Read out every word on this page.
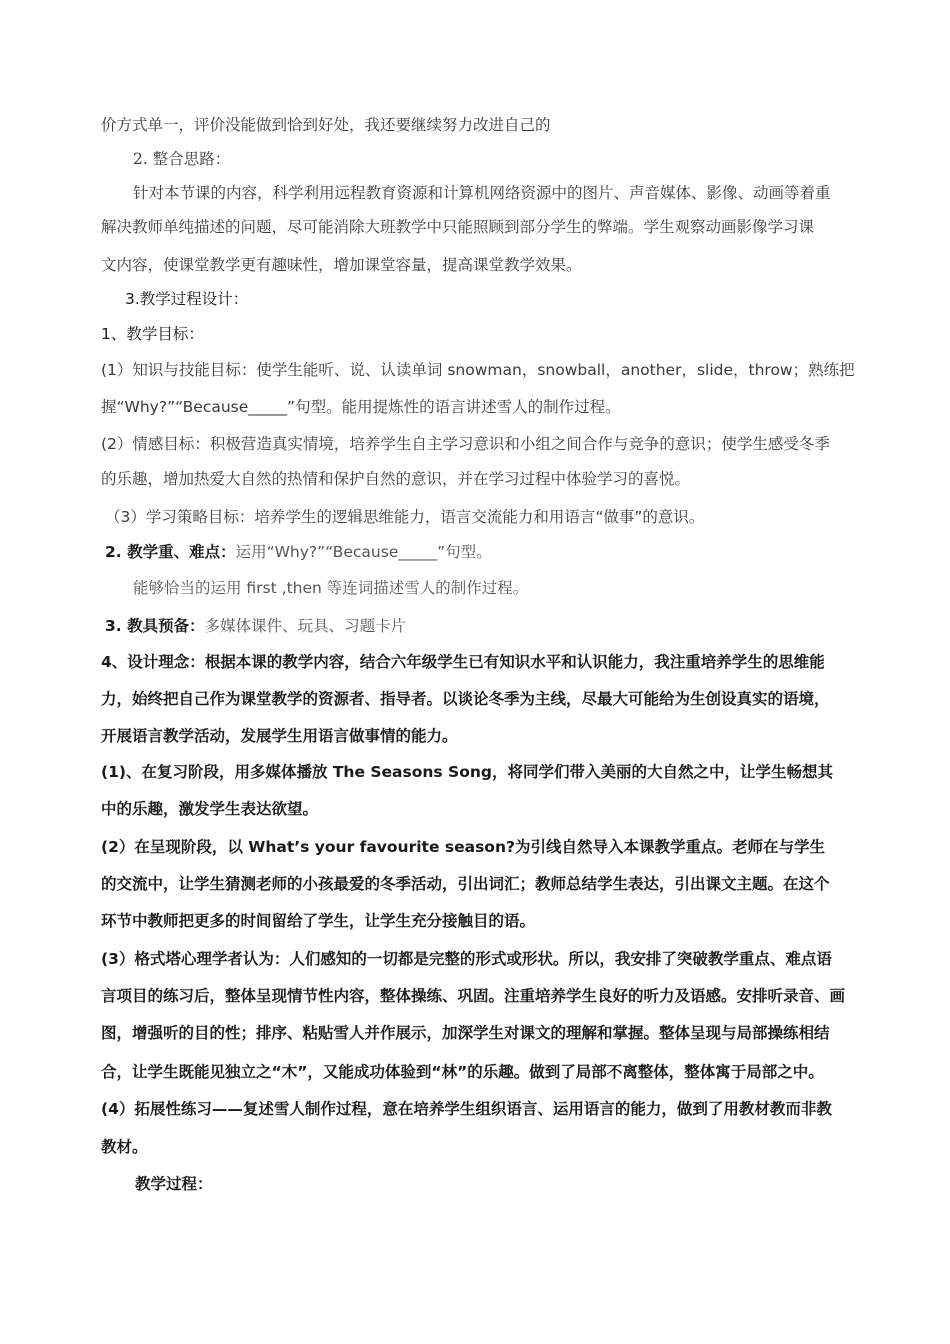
价方式单一，评价没能做到恰到好处，我还要继续努力改进自己的
2. 整合思路：
针对本节课的内容，科学利用远程教育资源和计算机网络资源中的图片、声音媒体、影像、动画等着重
解决教师单纯描述的问题，尽可能消除大班教学中只能照顾到部分学生的弊端。学生观察动画影像学习课
文内容，使课堂教学更有趣味性，增加课堂容量，提高课堂教学效果。
3.教学过程设计：
1、教学目标：
(1）知识与技能目标：使学生能听、说、认读单词 snowman，snowball，another，slide，throw；熟练把
握“Why?”“Because_____”句型。能用提炼性的语言讲述雪人的制作过程。
(2）情感目标：积极营造真实情境，培养学生自主学习意识和小组之间合作与竞争的意识；使学生感受冬季
的乐趣，增加热爱大自然的热情和保护自然的意识，并在学习过程中体验学习的喜悦。
（3）学习策略目标：培养学生的逻辑思维能力，语言交流能力和用语言“做事”的意识。
2. 教学重、难点：运用“Why?”“Because_____”句型。
能够恰当的运用 first ,then 等连词描述雪人的制作过程。
3. 教具预备：多媒体课件、玩具、习题卡片
4、设计理念：根据本课的教学内容，结合六年级学生已有知识水平和认识能力，我注重培养学生的思维能
力，始终把自己作为课堂教学的资源者、指导者。以谈论冬季为主线，尽最大可能给为生创设真实的语境，
开展语言教学活动，发展学生用语言做事情的能力。
(1)、在复习阶段，用多媒体播放 The Seasons Song，将同学们带入美丽的大自然之中，让学生畅想其
中的乐趣，激发学生表达欲望。
(2）在呈现阶段，以 What’s your favourite season?为引线自然导入本课教学重点。老师在与学生
的交流中，让学生猜测老师的小孩最爱的冬季活动，引出词汇；教师总结学生表达，引出课文主题。在这个
环节中教师把更多的时间留给了学生，让学生充分接触目的语。
(3）格式塔心理学者认为：人们感知的一切都是完整的形式或形状。所以，我安排了突破教学重点、难点语
言项目的练习后，整体呈现情节性内容，整体操练、巩固。注重培养学生良好的听力及语感。安排听录音、画
图，增强听的目的性；排序、粘贴雪人并作展示，加深学生对课文的理解和掌握。整体呈现与局部操练相结
合，让学生既能见独立之“木”，又能成功体验到“林”的乐趣。做到了局部不离整体，整体寓于局部之中。
(4）拓展性练习——复述雪人制作过程，意在培养学生组织语言、运用语言的能力，做到了用教材教而非教
教材。
教学过程：
